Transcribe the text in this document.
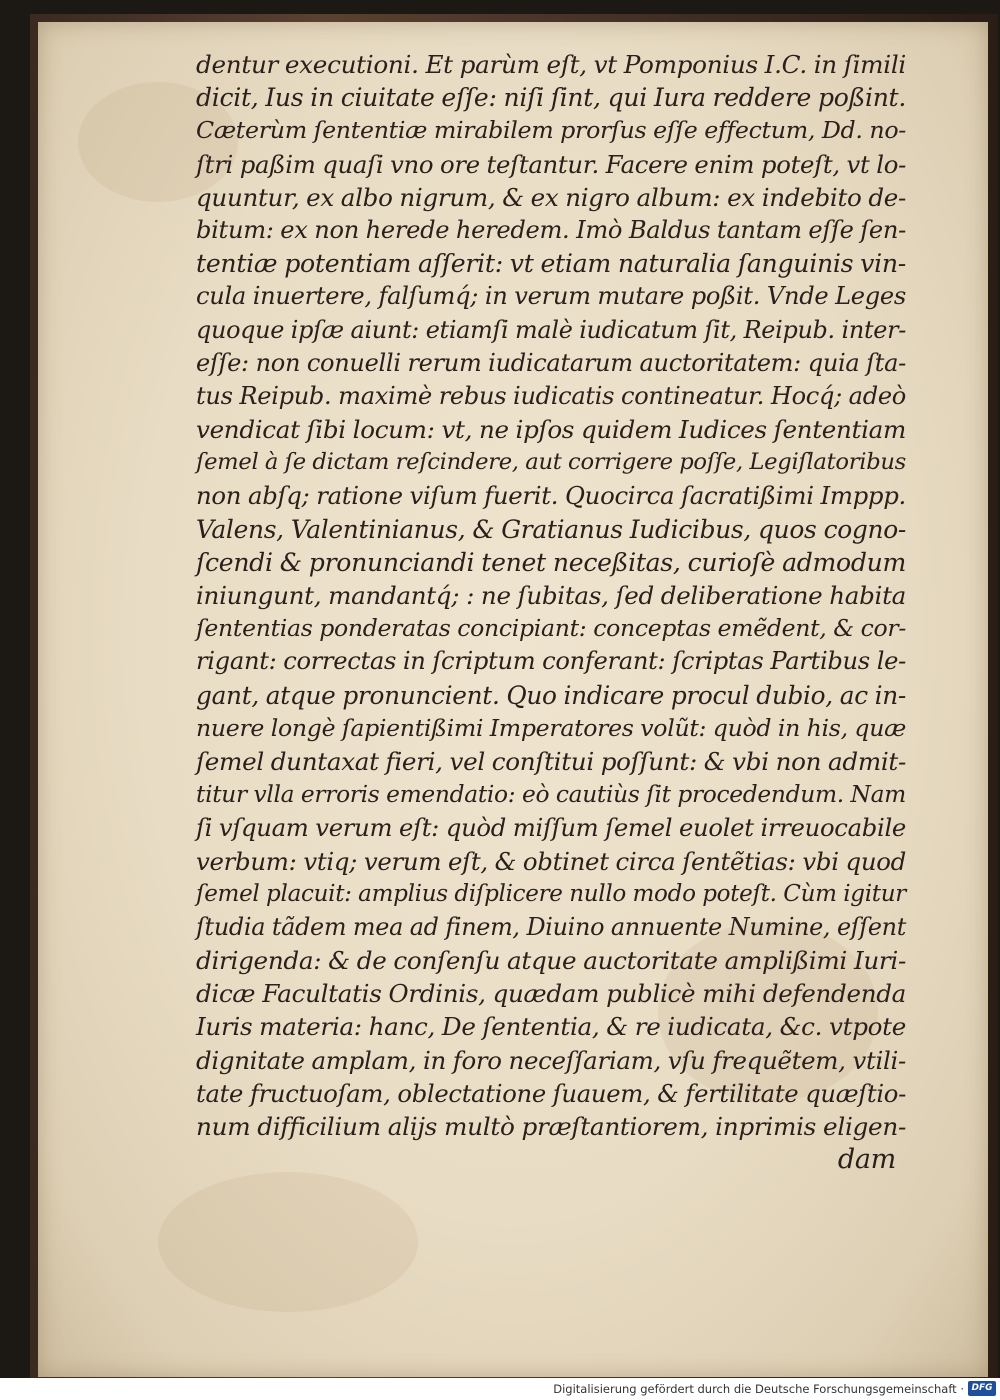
dentur executioni. Et parùm eſt, vt Pomponius I.C. in ſimili
dicit, Ius in ciuitate eſſe: niſi ſint, qui Iura reddere poßint.
Cæterùm ſententiæ mirabilem prorſus eſſe effectum, Dd. no-
ſtri paßim quaſi vno ore teſtantur. Facere enim poteſt, vt lo-
quuntur, ex albo nigrum, & ex nigro album: ex indebito de-
bitum: ex non herede heredem. Imò Baldus tantam eſſe ſen-
tentiæ potentiam aſſerit: vt etiam naturalia ſanguinis vin-
cula inuertere, falſumq́; in verum mutare poßit. Vnde Leges
quoque ipſæ aiunt: etiamſi malè iudicatum ſit, Reipub. inter-
eſſe: non conuelli rerum iudicatarum auctoritatem: quia ſta-
tus Reipub. maximè rebus iudicatis contineatur. Hocq́; adeò
vendicat ſibi locum: vt, ne ipſos quidem Iudices ſententiam
ſemel à ſe dictam reſcindere, aut corrigere poſſe, Legiſlatoribus
non abſq; ratione viſum fuerit. Quocirca ſacratißimi Imppp.
Valens, Valentinianus, & Gratianus Iudicibus, quos cogno-
ſcendi & pronunciandi tenet neceßitas, curioſè admodum
iniungunt, mandantq́; : ne ſubitas, ſed deliberatione habita
ſententias ponderatas concipiant: conceptas emẽdent, & cor-
rigant: correctas in ſcriptum conferant: ſcriptas Partibus le-
gant, atque pronuncient. Quo indicare procul dubio, ac in-
nuere longè ſapientißimi Imperatores volũt: quòd in his, quæ
ſemel duntaxat fieri, vel conſtitui poſſunt: & vbi non admit-
titur vlla erroris emendatio: eò cautiùs ſit procedendum. Nam
ſi vſquam verum eſt: quòd miſſum ſemel euolet irreuocabile
verbum: vtiq; verum eſt, & obtinet circa ſentẽtias: vbi quod
ſemel placuit: amplius diſplicere nullo modo poteſt. Cùm igitur
ſtudia tãdem mea ad finem, Diuino annuente Numine, eſſent
dirigenda: & de conſenſu atque auctoritate amplißimi Iuri-
dicæ Facultatis Ordinis, quædam publicè mihi defendenda
Iuris materia: hanc, De ſententia, & re iudicata, &c. vtpote
dignitate amplam, in foro neceſſariam, vſu frequẽtem, vtili-
tate fructuoſam, oblectatione ſuauem, & fertilitate quæſtio-
num difficilium alijs multò præſtantiorem, inprimis eligen-
dam
Digitalisierung gefördert durch die Deutsche Forschungsgemeinschaft · DFG
